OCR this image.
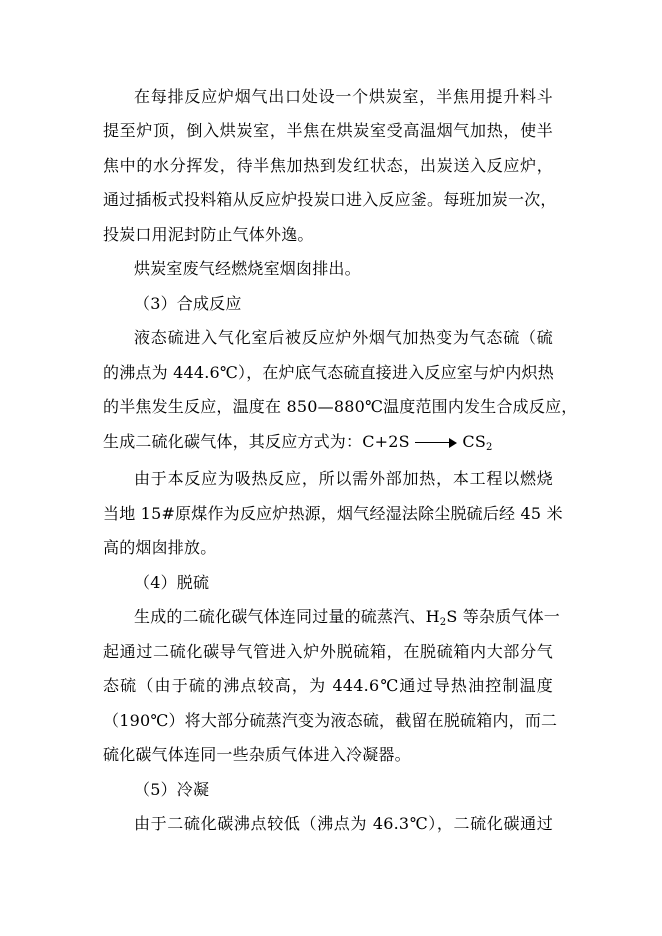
在每排反应炉烟气出口处设一个烘炭室，半焦用提升料斗
提至炉顶，倒入烘炭室，半焦在烘炭室受高温烟气加热，使半
焦中的水分挥发，待半焦加热到发红状态，出炭送入反应炉，
通过插板式投料箱从反应炉投炭口进入反应釜。每班加炭一次，
投炭口用泥封防止气体外逸。
烘炭室废气经燃烧室烟囱排出。
（3）合成反应
液态硫进入气化室后被反应炉外烟气加热变为气态硫（硫
的沸点为 444.6℃），在炉底气态硫直接进入反应室与炉内炽热
的半焦发生反应，温度在 850—880℃温度范围内发生合成反应，
生成二硫化碳气体，其反应方式为：C+2S	$CS_2$
由于本反应为吸热反应，所以需外部加热，本工程以燃烧
当地 15#原煤作为反应炉热源，烟气经湿法除尘脱硫后经 45 米
高的烟囱排放。
（4）脱硫
生成的二硫化碳气体连同过量的硫蒸汽、$H_2S$ 等杂质气体一
起通过二硫化碳导气管进入炉外脱硫箱，在脱硫箱内大部分气
态硫（由于硫的沸点较高，为 444.6℃通过导热油控制温度
（190℃）将大部分硫蒸汽变为液态硫，截留在脱硫箱内，而二
硫化碳气体连同一些杂质气体进入冷凝器。
（5）冷凝
由于二硫化碳沸点较低（沸点为 46.3℃），二硫化碳通过
